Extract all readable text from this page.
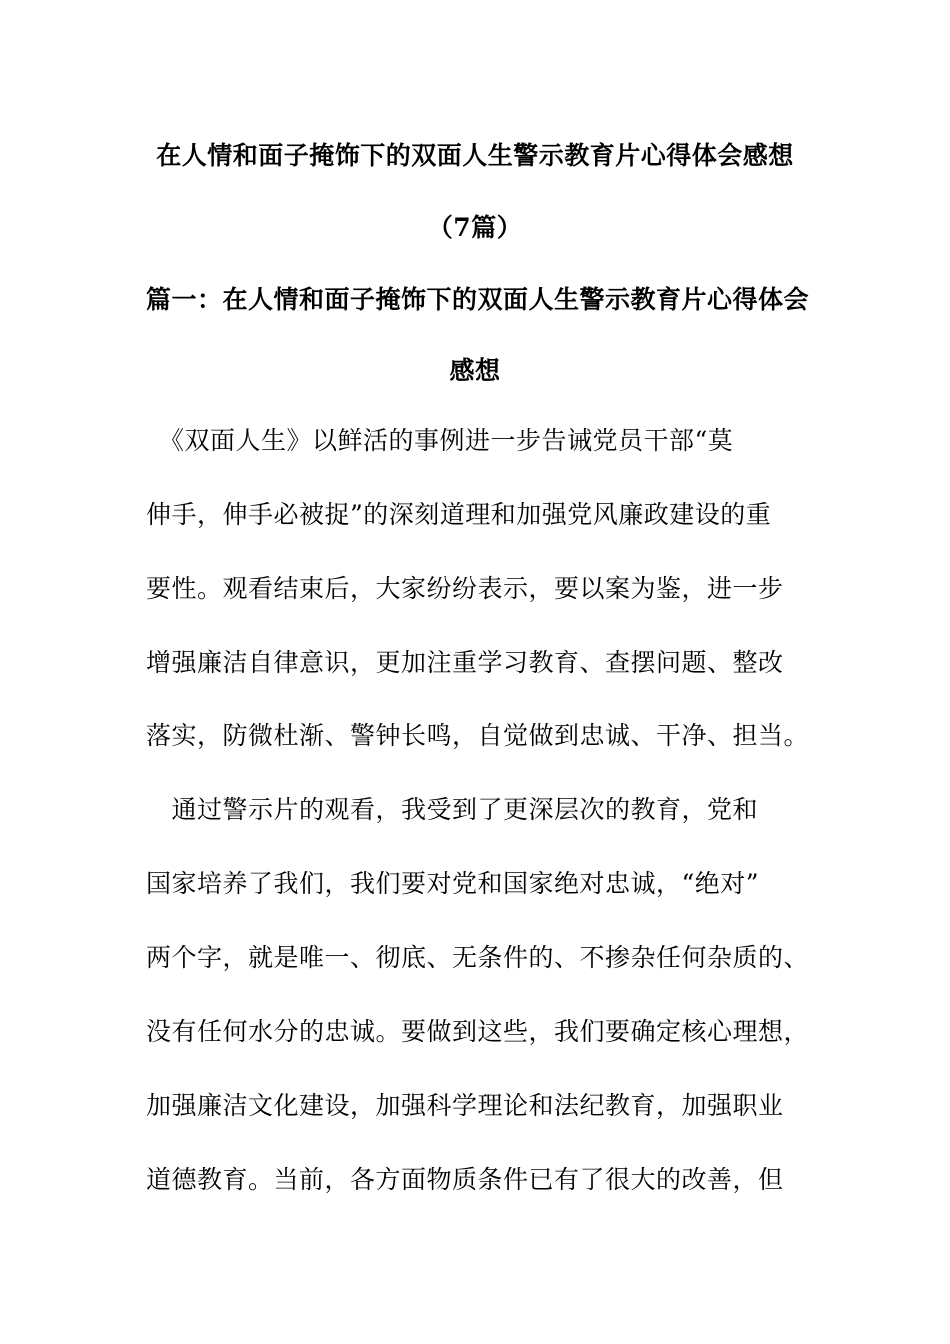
在人情和面子掩饰下的双面人生警示教育片心得体会感想
（7篇）
篇一：在人情和面子掩饰下的双面人生警示教育片心得体会
感想
　《双面人生》以鲜活的事例进一步告诫党员干部“莫
伸手，伸手必被捉”的深刻道理和加强党风廉政建设的重
要性。观看结束后，大家纷纷表示，要以案为鉴，进一步
增强廉洁自律意识，更加注重学习教育、查摆问题、整改
落实，防微杜渐、警钟长鸣，自觉做到忠诚、干净、担当。
　通过警示片的观看，我受到了更深层次的教育，党和
国家培养了我们，我们要对党和国家绝对忠诚，“绝对”
两个字，就是唯一、彻底、无条件的、不掺杂任何杂质的、
没有任何水分的忠诚。要做到这些，我们要确定核心理想，
加强廉洁文化建设，加强科学理论和法纪教育，加强职业
道德教育。当前，各方面物质条件已有了很大的改善，但
